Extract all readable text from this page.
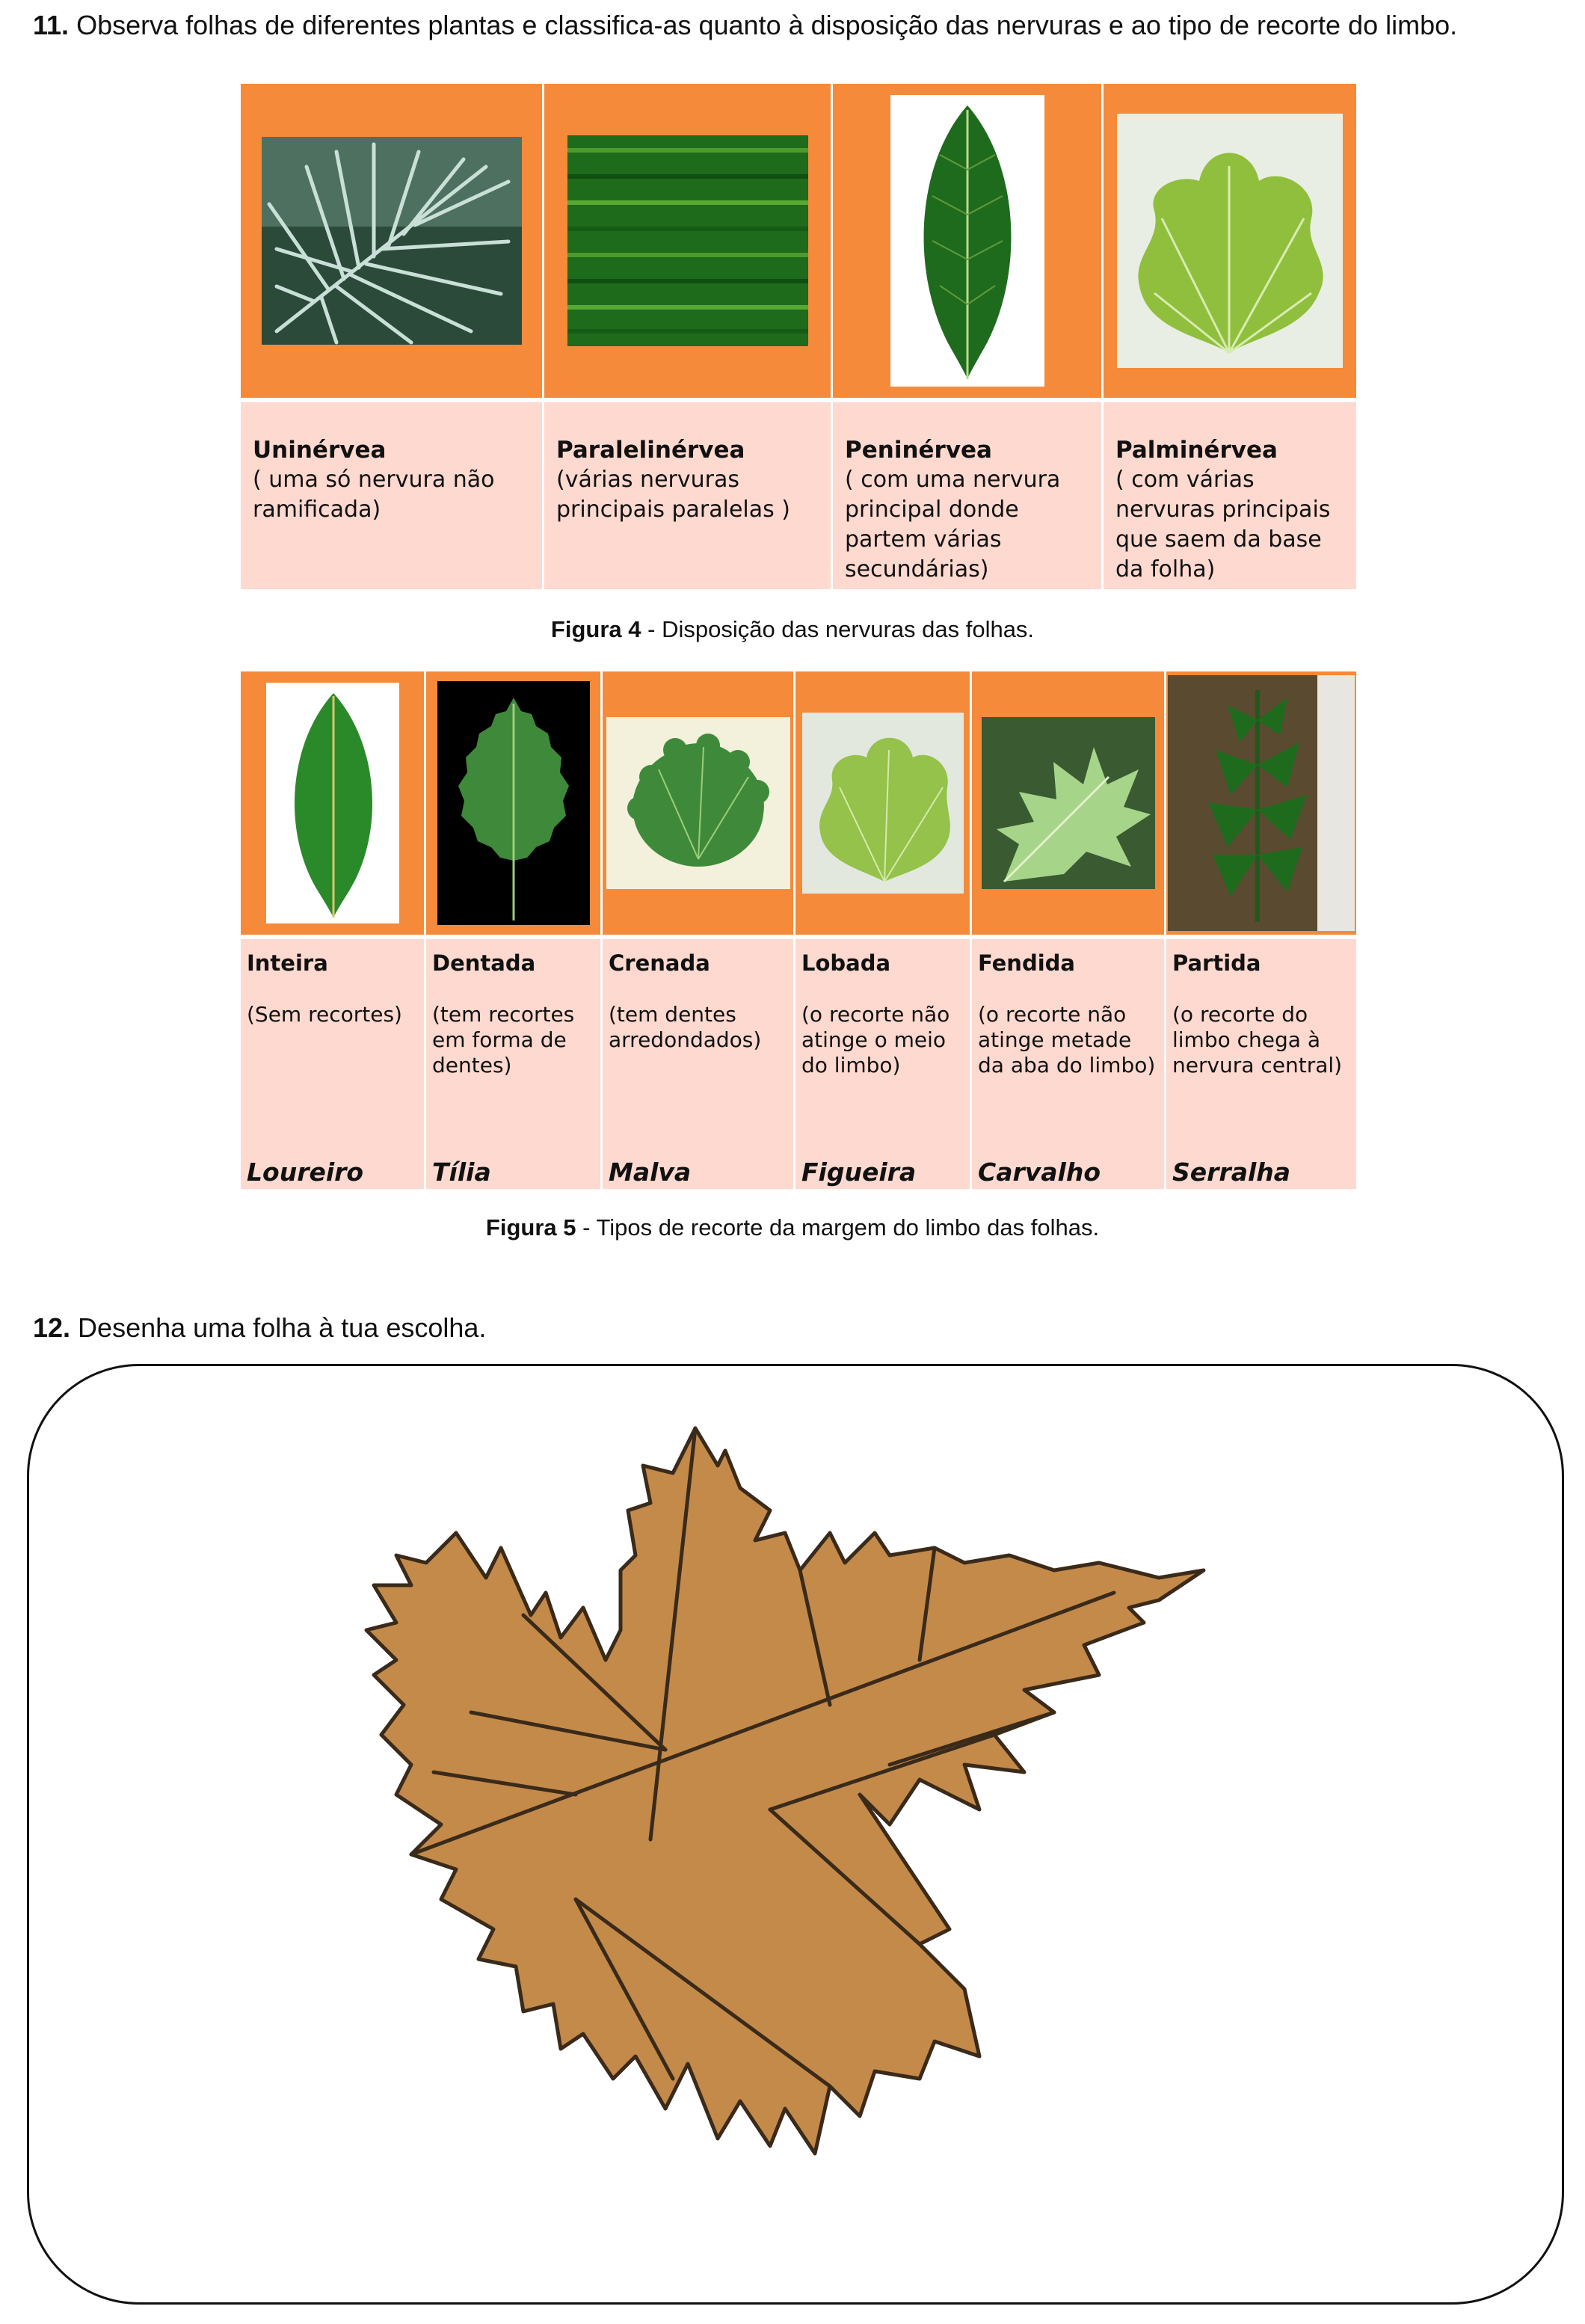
11. Observa folhas de diferentes plantas e classifica-as quanto à disposição das nervuras e ao tipo de recorte do limbo.
Uninérvea
( uma só nervura não ramificada)
Paralelinérvea
(várias nervuras principais paralelas )
Peninérvea
( com uma nervura principal donde partem várias secundárias)
Palminérvea
( com várias nervuras principais que saem da base da folha)
Figura 4 - Disposição das nervuras das folhas.
Inteira
(Sem recortes)
Loureiro
Dentada
(tem recortes em forma de dentes)
Tília
Crenada
(tem dentes arredondados)
Malva
Lobada
(o recorte não atinge o meio do limbo)
Figueira
Fendida
(o recorte não atinge metade da aba do limbo)
Carvalho
Partida
(o recorte do limbo chega à nervura central)
Serralha
Figura 5 - Tipos de recorte da margem do limbo das folhas.
12. Desenha uma folha à tua escolha.
